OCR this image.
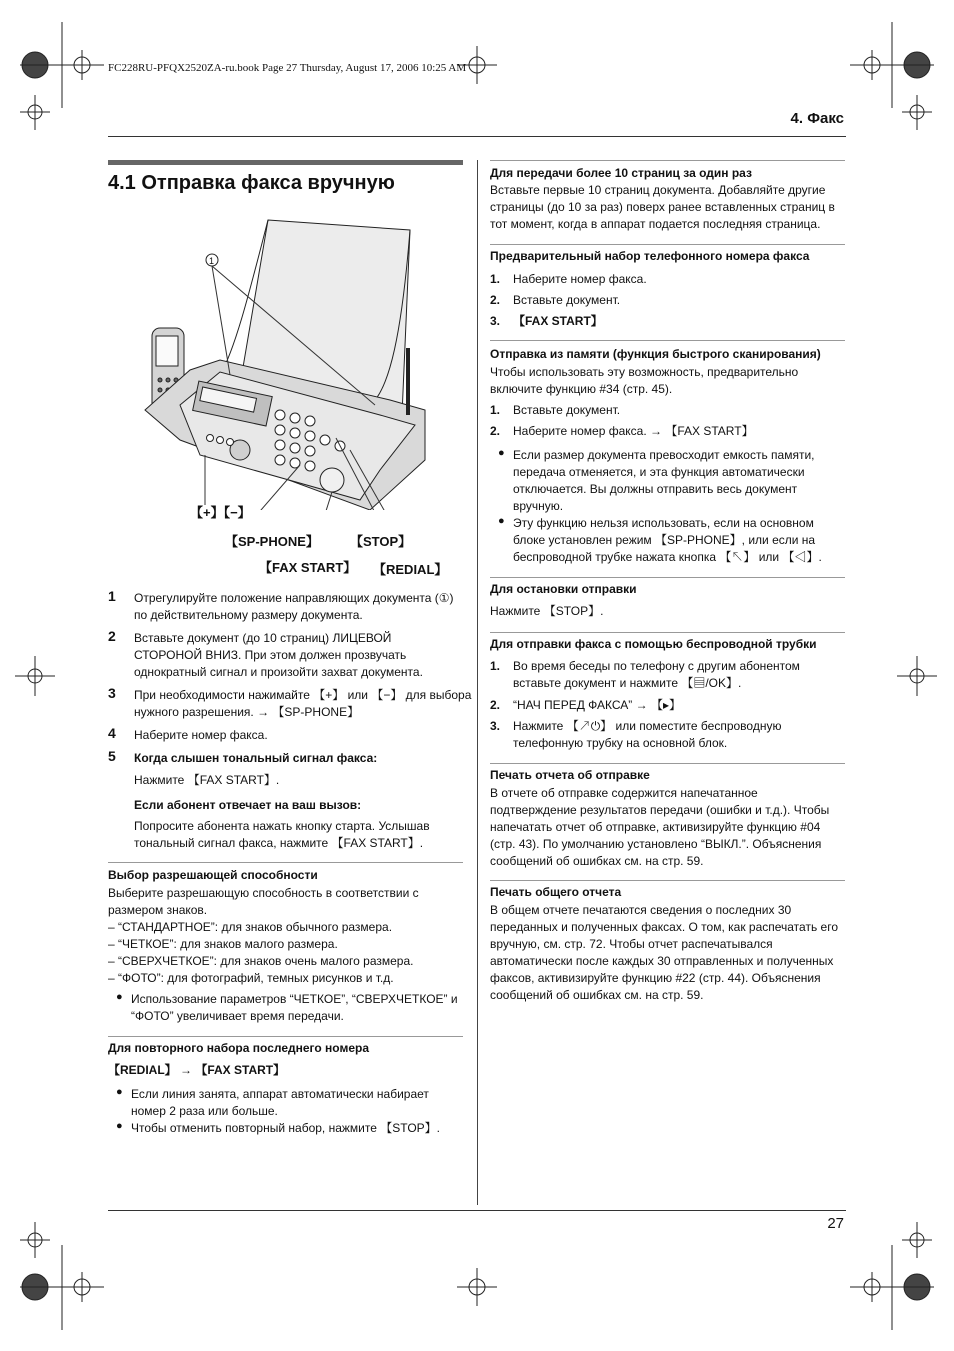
FC228RU-PFQX2520ZA-ru.book Page 27 Thursday, August 17, 2006 10:25 AM
4. Факс
4.1 Отправка факса вручную
1
【+】【−】
【SP-PHONE】 【STOP】
【FAX START】 【REDIAL】
1 Отрегулируйте положение направляющих документа (①)
по действительному размеру документа.
2 Вставьте документ (до 10 страниц) ЛИЦЕВОЙ
СТОРОНОЙ ВНИЗ. При этом должен прозвучать
однократный сигнал и произойти захват документа.
3 При необходимости нажимайте 【+】 или 【−】 для выбора
нужного разрешения. → 【SP-PHONE】
4 Наберите номер факса.
5 Когда слышен тональный сигнал факса:
Нажмите 【FAX START】.
Если абонент отвечает на ваш вызов:
Попросите абонента нажать кнопку старта. Услышав
тональный сигнал факса, нажмите 【FAX START】.
Выбор разрешающей способности
Выберите разрешающую способность в соответствии с
размером знаков.
– “СТАНДАРТНОЕ”: для знаков обычного размера.
– “ЧЕТКОЕ”: для знаков малого размера.
– “СВЕРХЧЕТКОЕ”: для знаков очень малого размера.
– “ФОТО”: для фотографий, темных рисунков и т.д.
● Использование параметров “ЧЕТКОЕ”, “СВЕРХЧЕТКОЕ” и
“ФОТО” увеличивает время передачи.
Для повторного набора последнего номера
【REDIAL】 → 【FAX START】
● Если линия занята, аппарат автоматически набирает
номер 2 раза или больше.
● Чтобы отменить повторный набор, нажмите 【STOP】.
Для передачи более 10 страниц за один раз
Вставьте первые 10 страниц документа. Добавляйте другие
страницы (до 10 за раз) поверх ранее вставленных страниц в
тот момент, когда в аппарат подается последняя страница.
Предварительный набор телефонного номера факса
1. Наберите номер факса.
2. Вставьте документ.
3. 【FAX START】
Отправка из памяти (функция быстрого сканирования)
Чтобы использовать эту возможность, предварительно
включите функцию #34 (стр. 45).
1. Вставьте документ.
2. Наберите номер факса. → 【FAX START】
● Если размер документа превосходит емкость памяти,
передача отменяется, и эта функция автоматически
отключается. Вы должны отправить весь документ
вручную.
● Эту функцию нельзя использовать, если на основном
блоке установлен режим 【SP-PHONE】, или если на
беспроводной трубке нажата кнопка 【↖】 или 【◁】.
Для остановки отправки
Нажмите 【STOP】.
Для отправки факса с помощью беспроводной трубки
1. Во время беседы по телефону с другим абонентом
вставьте документ и нажмите 【▤/OK】.
2. “НАЧ ПЕРЕД ФАКСА” → 【▸】
3. Нажмите 【↗⏻】 или поместите беспроводную
телефонную трубку на основной блок.
Печать отчета об отправке
В отчете об отправке содержится напечатанное
подтверждение результатов передачи (ошибки и т.д.). Чтобы
напечатать отчет об отправке, активизируйте функцию #04
(стр. 43). По умолчанию установлено “ВЫКЛ.”. Объяснения
сообщений об ошибках см. на стр. 59.
Печать общего отчета
В общем отчете печатаются сведения о последних 30
переданных и полученных факсах. О том, как распечатать его
вручную, см. стр. 72. Чтобы отчет распечатывался
автоматически после каждых 30 отправленных и полученных
факсов, активизируйте функцию #22 (стр. 44). Объяснения
сообщений об ошибках см. на стр. 59.
27
